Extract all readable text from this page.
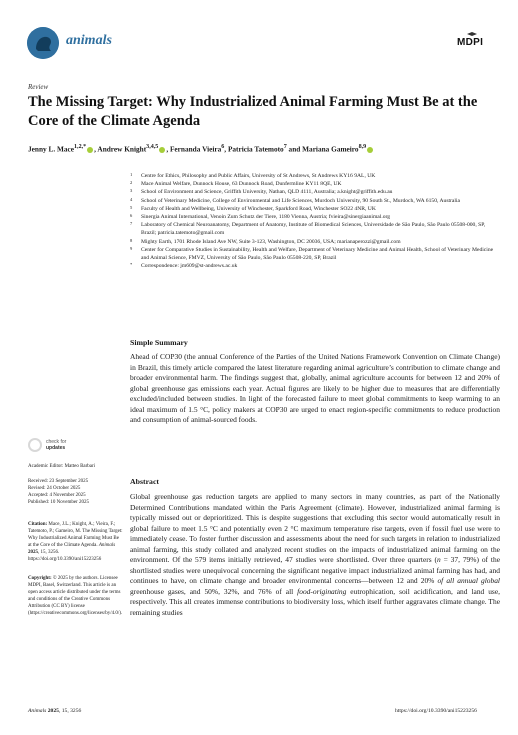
animals	MDPI
Review
The Missing Target: Why Industrialized Animal Farming Must Be at the Core of the Climate Agenda
Jenny L. Mace$^{1,2,*}$ , Andrew Knight$^{3,4,5}$ , Fernanda Vieira$^6$, Patricia Tatemoto$^7$ and Mariana Gameiro$^{8,9}$
1 Centre for Ethics, Philosophy and Public Affairs, University of St Andrews, St Andrews KY16 9AL, UK
2 Mace Animal Welfare, Dunnock House, 63 Dunnock Road, Dunfermline KY11 8QE, UK
3 School of Environment and Science, Griffith University, Nathan, QLD 4111, Australia; a.knight@griffith.edu.au
4 School of Veterinary Medicine, College of Environmental and Life Sciences, Murdoch University, 90 South St., Murdoch, WA 6150, Australia
5 Faculty of Health and Wellbeing, University of Winchester, Sparkford Road, Winchester SO22 4NR, UK
6 Sinergia Animal International, Venoin Zum Schutz der Tiere, 1180 Vienna, Austria; fvieira@sinergiaanimal.org
7 Laboratory of Chemical Neuroanatomy, Department of Anatomy, Institute of Biomedical Sciences, Universidade de São Paulo, São Paulo 05508-000, SP, Brazil; patricia.tatemoto@gmail.com
8 Mighty Earth, 1701 Rhode Island Ave NW, Suite 3-123, Washington, DC 20036, USA; marianaperozzi@gmail.com
9 Center for Comparative Studies in Sustainability, Health and Welfare, Department of Veterinary Medicine and Animal Health, School of Veterinary Medicine and Animal Science, FMVZ, University of São Paulo, São Paulo 05508-220, SP, Brazil
* Correspondence: jm609@st-andrews.ac.uk
Simple Summary
Ahead of COP30 (the annual Conference of the Parties of the United Nations Framework Convention on Climate Change) in Brazil, this timely article compared the latest literature regarding animal agriculture’s contribution to climate change and broader environmental harm. The findings suggest that, globally, animal agriculture accounts for between 12 and 20% of global greenhouse gas emissions each year. Actual figures are likely to be higher due to measures that are differentially excluded/included between studies. In light of the forecasted failure to meet global commitments to keep warming to an ideal maximum of 1.5 °C, policy makers at COP30 are urged to enact region-specific commitments to reduce production and consumption of animal-sourced foods.
Abstract
Global greenhouse gas reduction targets are applied to many sectors in many countries, as part of the Nationally Determined Contributions mandated within the Paris Agreement (climate). However, industrialized animal farming is typically missed out or deprioritized. This is despite suggestions that excluding this sector would automatically result in global failure to meet 1.5 °C and potentially even 2 °C maximum temperature rise targets, even if fossil fuel use were to immediately cease. To foster further discussion and assessments about the need for such targets in relation to industrialized animal farming, this study collated and analyzed recent studies on the impacts of industrialized animal farming on the environment. Of the 579 items initially retrieved, 47 studies were shortlisted. Over three quarters (n = 37, 79%) of the shortlisted studies were unequivocal concerning the significant negative impact industrialized animal farming has had, and continues to have, on climate change and broader environmental concerns—between 12 and 20% of all annual global greenhouse gases, and 50%, 32%, and 76% of all food-originating eutrophication, soil acidification, and land use, respectively. This all creates immense contributions to biodiversity loss, which itself further aggravates climate change. The remaining studies
check for
updates
Academic Editor: Matteo Barbari
Received: 23 September 2025
Revised: 24 October 2025
Accepted: 4 November 2025
Published: 10 November 2025
Citation: Mace, J.L.; Knight, A.; Vieira, F.; Tatemoto, P.; Gameiro, M. The Missing Target: Why Industrialized Animal Farming Must Be at the Core of the Climate Agenda. Animals 2025, 15, 3256. https://doi.org/10.3390/ani15223256
Copyright: © 2025 by the authors. Licensee MDPI, Basel, Switzerland. This article is an open access article distributed under the terms and conditions of the Creative Commons Attribution (CC BY) license (https://creativecommons.org/licenses/by/4.0/).
Animals 2025, 15, 3256	https://doi.org/10.3390/ani15223256
